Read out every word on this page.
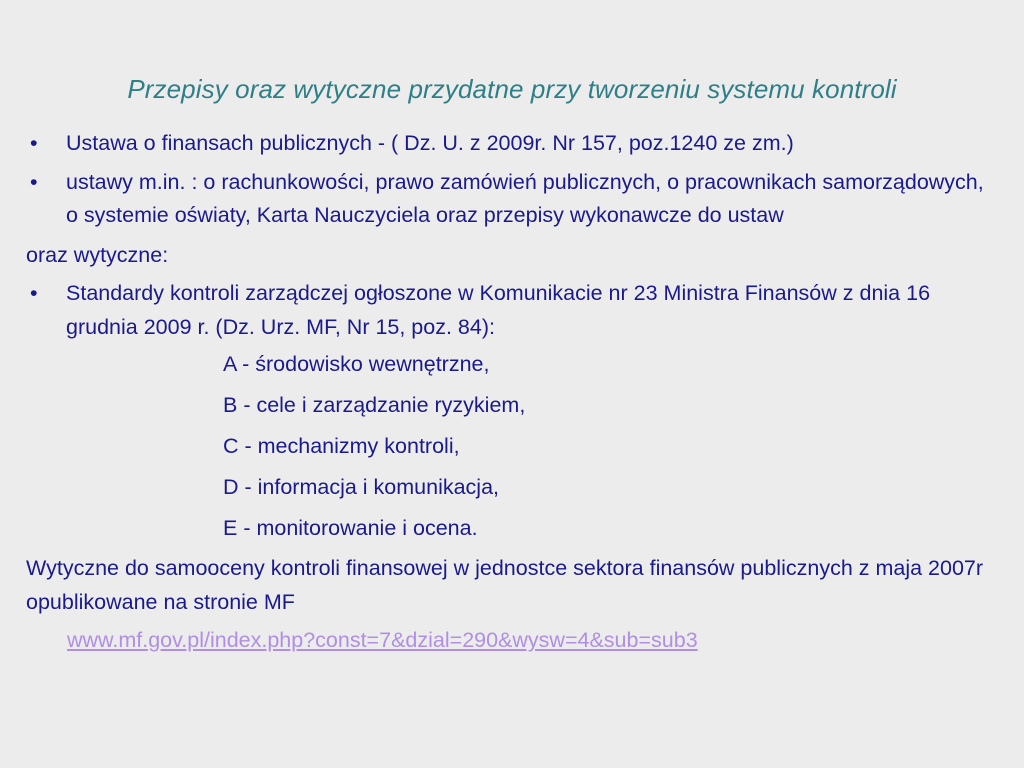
Przepisy oraz wytyczne przydatne przy tworzeniu systemu kontroli
• Ustawa o finansach publicznych - ( Dz. U. z 2009r. Nr 157, poz.1240 ze zm.)
• ustawy m.in. : o rachunkowości, prawo zamówień publicznych, o pracownikach samorządowych, o systemie oświaty, Karta Nauczyciela oraz przepisy wykonawcze do ustaw

oraz wytyczne:

• Standardy kontroli zarządczej ogłoszone w Komunikacie nr 23 Ministra Finansów z dnia 16 grudnia 2009 r. (Dz. Urz. MF, Nr 15, poz. 84):
A - środowisko wewnętrzne,
B - cele i zarządzanie ryzykiem,
C - mechanizmy kontroli,
D - informacja i komunikacja,
E - monitorowanie i ocena.

Wytyczne do samooceny kontroli finansowej w jednostce sektora finansów publicznych z maja 2007r opublikowane na stronie MF

www.mf.gov.pl/index.php?const=7&dzial=290&wysw=4&sub=sub3
